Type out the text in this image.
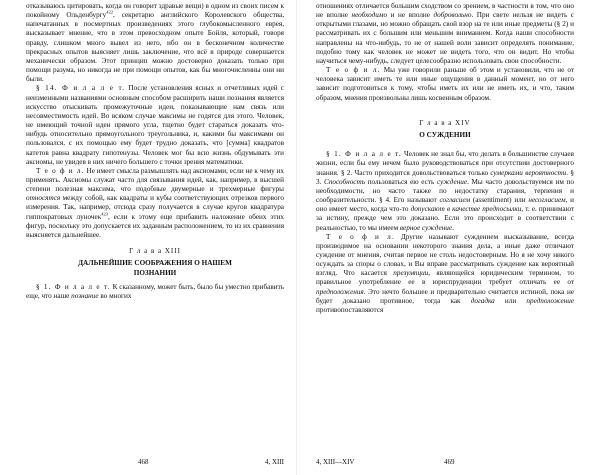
отказываюсь цитировать, когда он говорит здравые вещи) в одном из своих писем к покойному Ольденбургу$^{422}$, секретарю английского Королевского общества, напечатанных в посмертных произведениях этого глубокомысленного еврея, высказывает мнение, что в этом превосходном опыте Бойля, который, говоря правду, слишком много вывел из него, ибо он в бесконечном количестве прекрасных опытов выясняет лишь заключение, что всё в природе совершается механически образом. Этот принцип можно достоверно доказать только при помощи разума, но никогда не при помощи опытов, как бы многочисленны они ни были.

§ 14. Ф и л а л е т. После установления ясных и отчетливых идей с неизменными названиями основным способом расширить наши познания является искусство отыскивать промежуточные идеи, показывающие нам связь или несовместимость идей. Во всяком случае максимы не годятся для этого. Человек, не имеющий точной идеи прямого угла, тщетно будет стараться доказать что-нибудь относительно прямоугольного треугольника, и, какими бы максимами он пользовался, с их помощью ему будет трудно доказать, что [сумма] квадратов катетов равна квадрату гипотенузы. Человек мог бы всю жизнь обдумывать эти аксиомы, не увидев в них ничего большего с точки зрения математики.

Т е о ф и л. Не имеет смысла размышлять над аксиомами, если не к чему их применять. Аксиомы служат часто для связывания идей, как, например, в высшей степени полезная максима, что подобные двумерные и трехмерные фигуры относятся между собой, как квадраты и кубы соответствующих отрезков первого измерения. Так, например, отсюда сразу получается в случае кругов квадратура гиппократовых луночек$^{423}$, если к этому еще прибавить наложение обеих этих фигур, поскольку это допускается их заданным расположением, то из их сравнения выясняется дальнейшее.

Г л а в а XIII
ДАЛЬНЕЙШИЕ СООБРАЖЕНИЯ О НАШЕМ
ПОЗНАНИИ

§ 1. Ф и л а л е т. К сказанному, может быть, было бы уместно прибавить еще, что наше познание во многих

468	4, XIII

отношениях отличается большим сходством со зрением, в частности в том, что оно не вполне необходимо и не вполне добровольно. При свете нельзя не видеть с открытыми глазами, но можно обращать свой взор на те или иные предметы (§ 2) и рассматривать их с большим или меньшим вниманием. Когда наши способности направлены на что-нибудь, то не от нашей воли зависит определять понимание, подобно тому как человек не может не видеть того, что он видит. Но чтобы научиться чему-нибудь, следует целесообразно использовать свои способности.

Т е о ф и л. Мы уже говорили раньше об этом и установили, что не от человека зависит иметь те или иные ощущения в данный момент, но от него зависит подготовиться к тому, чтобы иметь их или не иметь их, и что, таким образом, мнения произвольны лишь косвенным образом.

Г л а в а XIV
О СУЖДЕНИИ

§ 1. Ф и л а л е т. Человек не знал бы, что делать в большинстве случаев жизни, если бы ему нечем было руководствоваться при отсутствии достоверного знания. § 2. Часто приходится довольствоваться только сумерками вероятности. § 3. Способность пользоваться ею есть суждение. Мы часто довольствуемся им по необходимости, но часто также по недостатку старания, терпения и сообразительности. § 4. Его называют согласием (assentiment) или несогласием, и оно имеет место, когда что-то допускают в качестве предпосылки, т. е. принимают за истину, прежде чем это доказано. Если это происходит в соответствии с реальностью, то мы имеем верное суждение.

Т е о ф и л. Другие называют суждением высказывание, всегда производимое на основании некоторого знания дела, а иные даже отличают суждение от мнения, считая первое не столь недостоверным. Но я не хочу никого осуждать за споры о словах, и Вы вправе рассматривать суждение как вероятный взгляд. Что касается презумпции, являющейся юридическим термином, то правильное употребление ее в юриспруденции требует отличать ее от предположения. Это нечто большее и предварительно считается истиной, пока не будет доказано противное, тогда как догадка или предположение противопоставляются

4, XIII—XIV	469
